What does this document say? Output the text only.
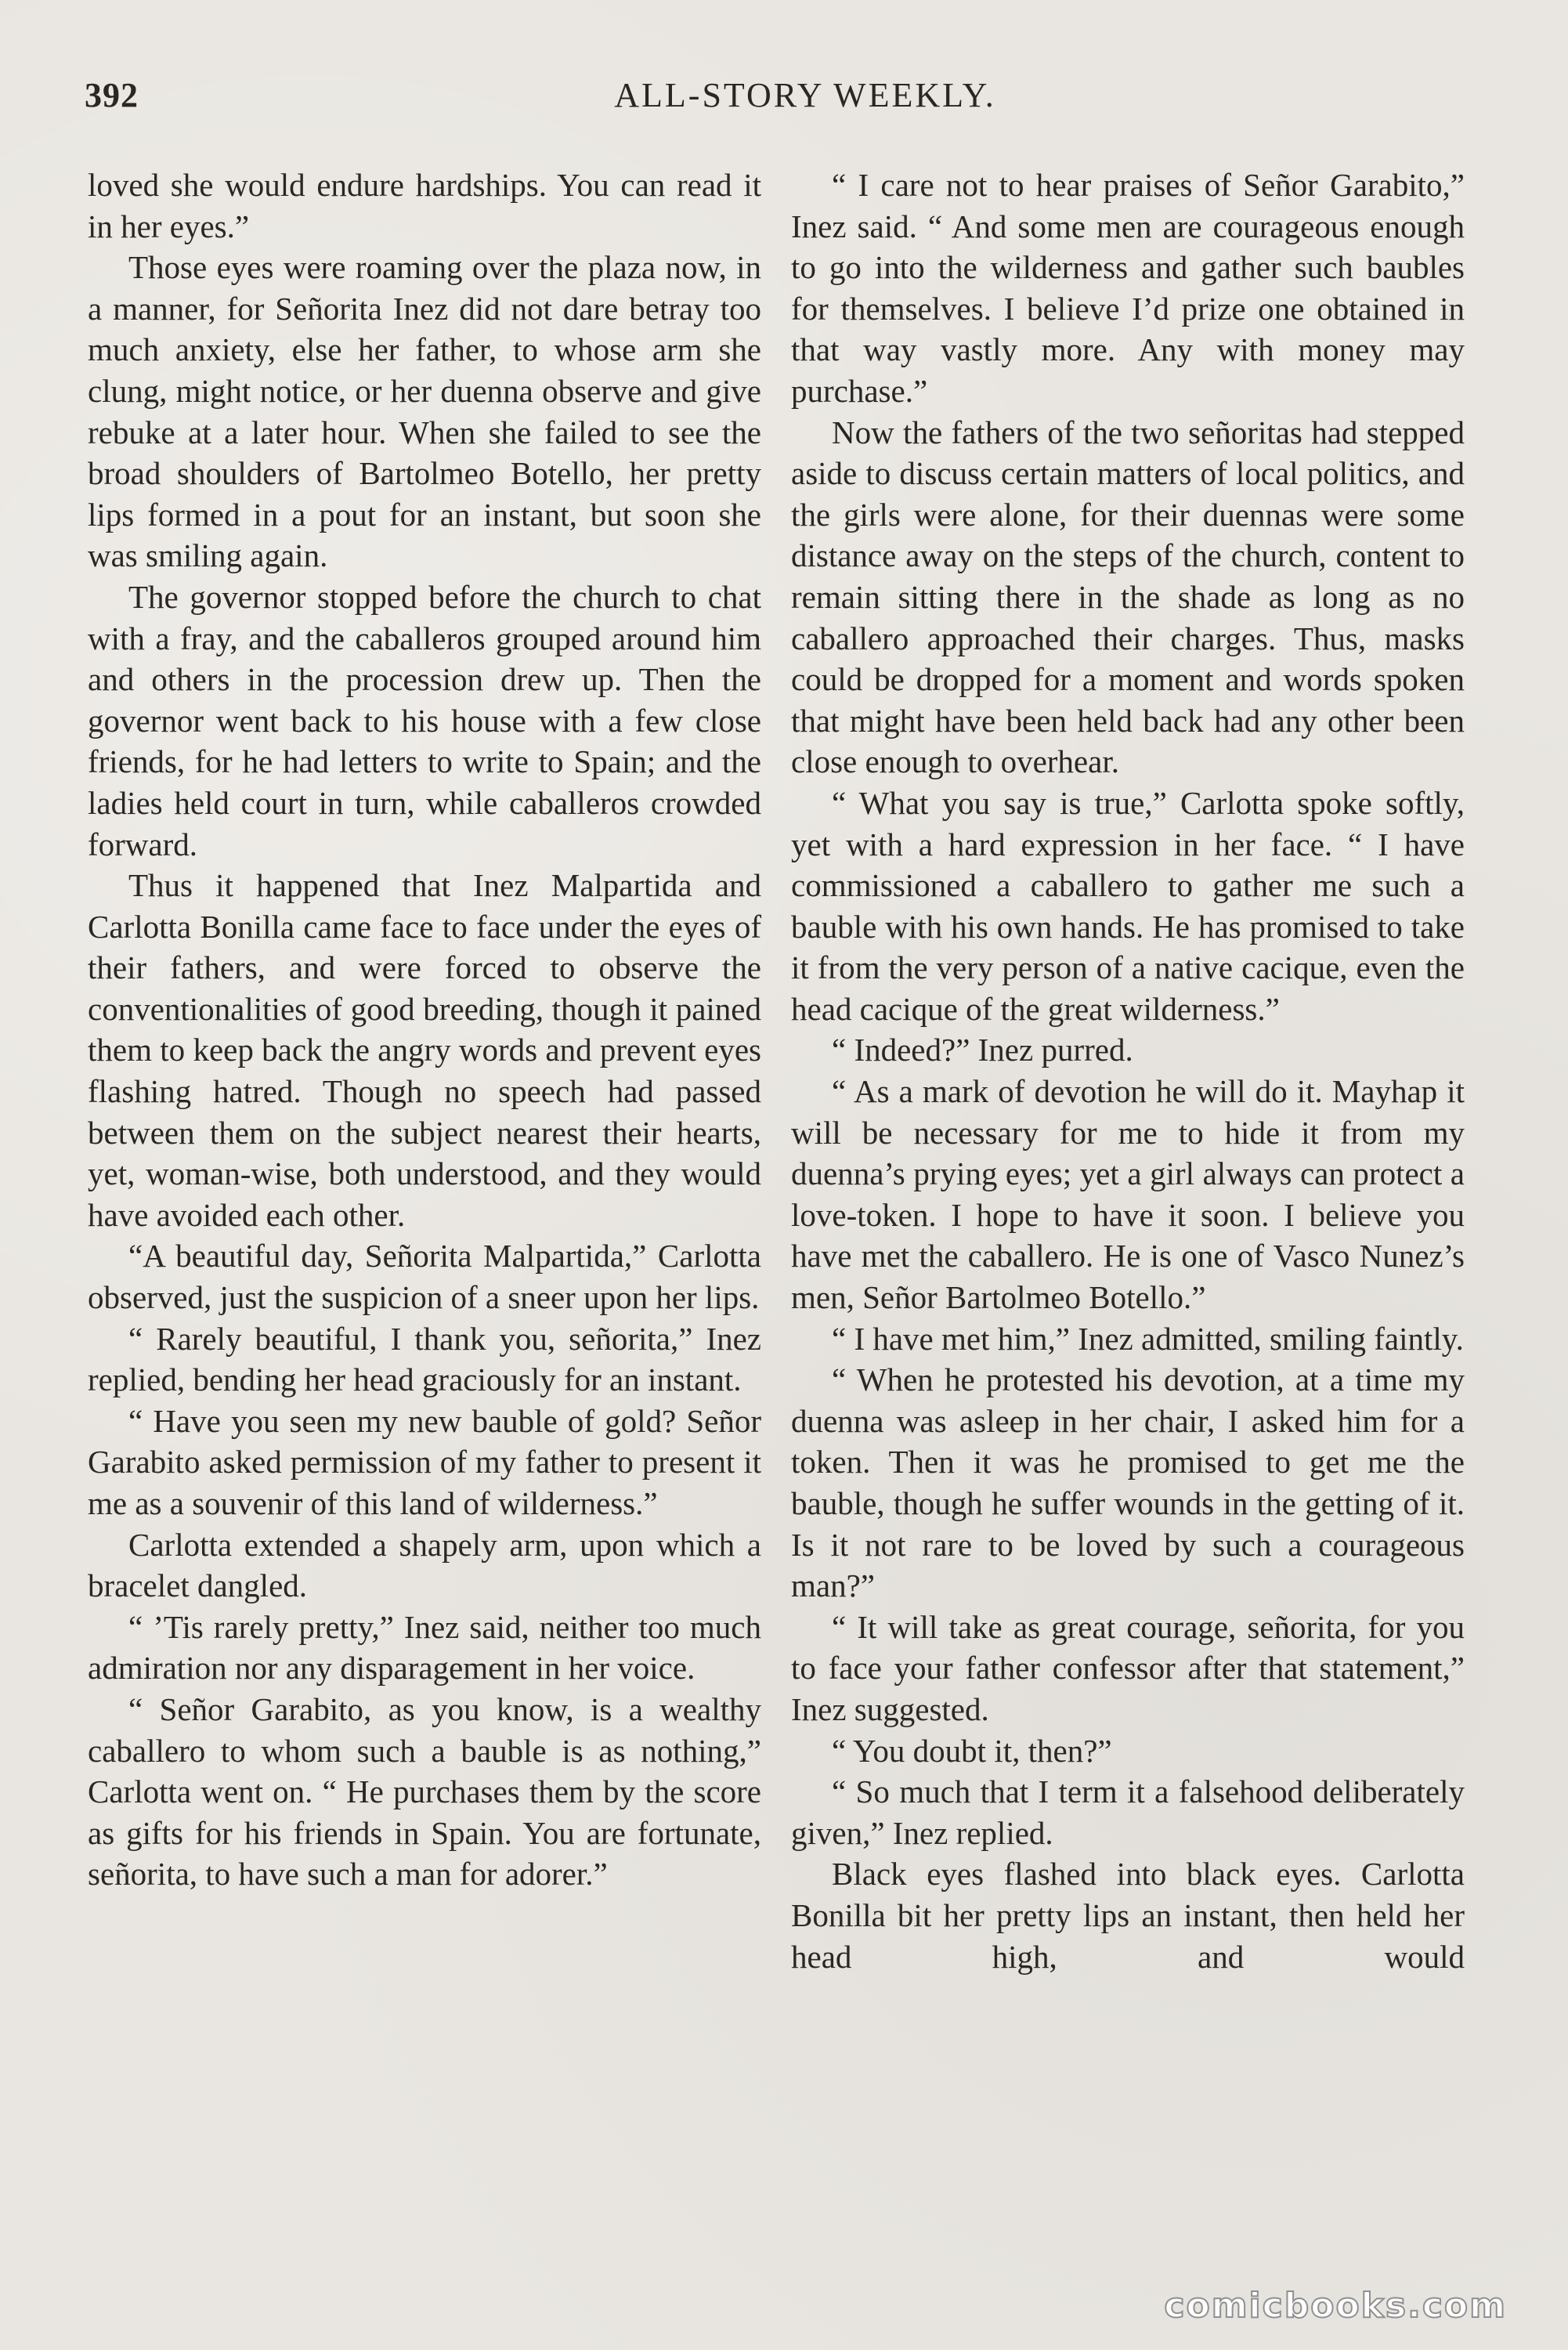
392	ALL-STORY WEEKLY.

loved she would endure hardships. You can read it in her eyes.”

Those eyes were roaming over the plaza now, in a manner, for Señorita Inez did not dare betray too much anxiety, else her father, to whose arm she clung, might notice, or her duenna observe and give rebuke at a later hour. When she failed to see the broad shoulders of Bartolmeo Botello, her pretty lips formed in a pout for an instant, but soon she was smiling again.

The governor stopped before the church to chat with a fray, and the caballeros grouped around him and others in the procession drew up. Then the governor went back to his house with a few close friends, for he had letters to write to Spain; and the ladies held court in turn, while caballeros crowded forward.

Thus it happened that Inez Malpartida and Carlotta Bonilla came face to face under the eyes of their fathers, and were forced to observe the conventionalities of good breeding, though it pained them to keep back the angry words and prevent eyes flashing hatred. Though no speech had passed between them on the subject nearest their hearts, yet, woman-wise, both understood, and they would have avoided each other.

“A beautiful day, Señorita Malpartida,” Carlotta observed, just the suspicion of a sneer upon her lips.

“ Rarely beautiful, I thank you, señorita,” Inez replied, bending her head graciously for an instant.

“ Have you seen my new bauble of gold? Señor Garabito asked permission of my father to present it me as a souvenir of this land of wilderness.”

Carlotta extended a shapely arm, upon which a bracelet dangled.

“ ’Tis rarely pretty,” Inez said, neither too much admiration nor any disparagement in her voice.

“ Señor Garabito, as you know, is a wealthy caballero to whom such a bauble is as nothing,” Carlotta went on. “ He purchases them by the score as gifts for his friends in Spain. You are fortunate, señorita, to have such a man for adorer.”

“ I care not to hear praises of Señor Garabito,” Inez said. “ And some men are courageous enough to go into the wilderness and gather such baubles for themselves. I believe I’d prize one obtained in that way vastly more. Any with money may purchase.”

Now the fathers of the two señoritas had stepped aside to discuss certain matters of local politics, and the girls were alone, for their duennas were some distance away on the steps of the church, content to remain sitting there in the shade as long as no caballero approached their charges. Thus, masks could be dropped for a moment and words spoken that might have been held back had any other been close enough to overhear.

“ What you say is true,” Carlotta spoke softly, yet with a hard expression in her face. “ I have commissioned a caballero to gather me such a bauble with his own hands. He has promised to take it from the very person of a native cacique, even the head cacique of the great wilderness.”

“ Indeed?” Inez purred.

“ As a mark of devotion he will do it. Mayhap it will be necessary for me to hide it from my duenna’s prying eyes; yet a girl always can protect a love-token. I hope to have it soon. I believe you have met the caballero. He is one of Vasco Nunez’s men, Señor Bartolmeo Botello.”

“ I have met him,” Inez admitted, smiling faintly.

“ When he protested his devotion, at a time my duenna was asleep in her chair, I asked him for a token. Then it was he promised to get me the bauble, though he suffer wounds in the getting of it. Is it not rare to be loved by such a courageous man?”

“ It will take as great courage, señorita, for you to face your father confessor after that statement,” Inez suggested.

“ You doubt it, then?”

“ So much that I term it a falsehood deliberately given,” Inez replied.

Black eyes flashed into black eyes. Carlotta Bonilla bit her pretty lips an instant, then held her head high, and would

comicbooks.com
